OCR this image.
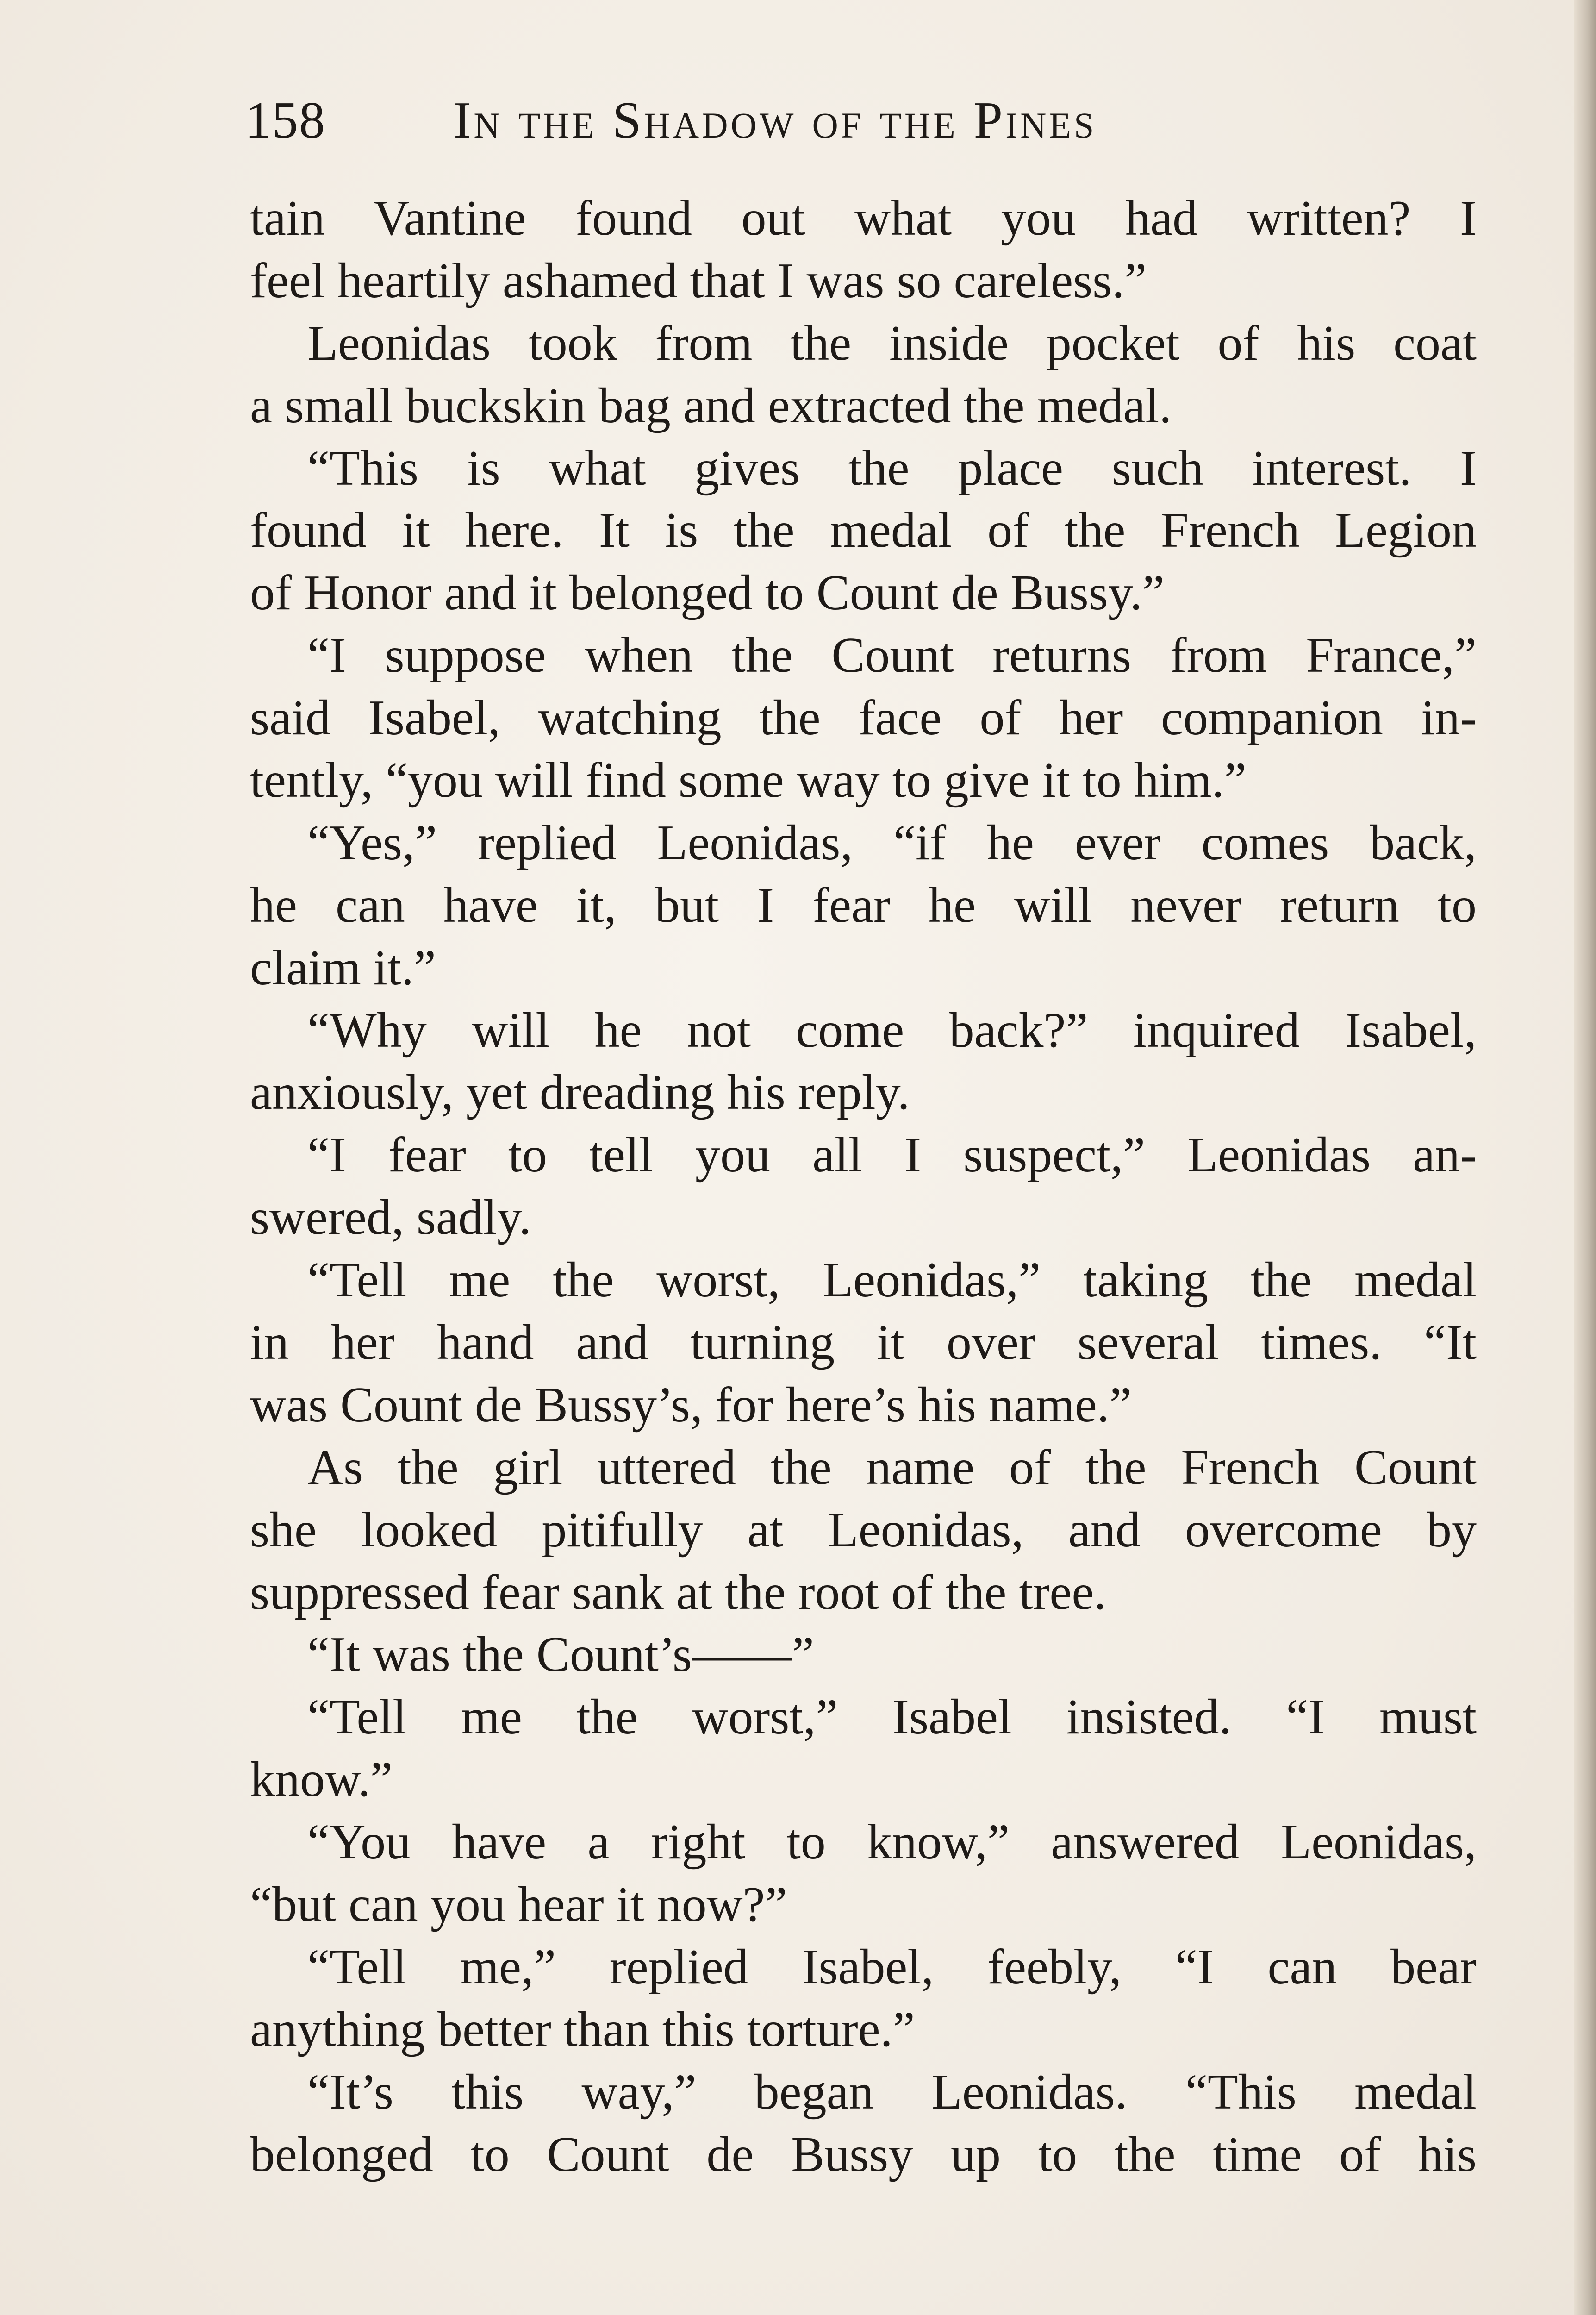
158 In the Shadow of the Pines
tain Vantine found out what you had written? I
feel heartily ashamed that I was so careless.”
Leonidas took from the inside pocket of his coat
a small buckskin bag and extracted the medal.
“This is what gives the place such interest. I
found it here. It is the medal of the French Legion
of Honor and it belonged to Count de Bussy.”
“I suppose when the Count returns from France,”
said Isabel, watching the face of her companion in-
tently, “you will find some way to give it to him.”
“Yes,” replied Leonidas, “if he ever comes back,
he can have it, but I fear he will never return to
claim it.”
“Why will he not come back?” inquired Isabel,
anxiously, yet dreading his reply.
“I fear to tell you all I suspect,” Leonidas an-
swered, sadly.
“Tell me the worst, Leonidas,” taking the medal
in her hand and turning it over several times. “It
was Count de Bussy’s, for here’s his name.”
As the girl uttered the name of the French Count
she looked pitifully at Leonidas, and overcome by
suppressed fear sank at the root of the tree.
“It was the Count’s——”
“Tell me the worst,” Isabel insisted. “I must
know.”
“You have a right to know,” answered Leonidas,
“but can you hear it now?”
“Tell me,” replied Isabel, feebly, “I can bear
anything better than this torture.”
“It’s this way,” began Leonidas. “This medal
belonged to Count de Bussy up to the time of his
